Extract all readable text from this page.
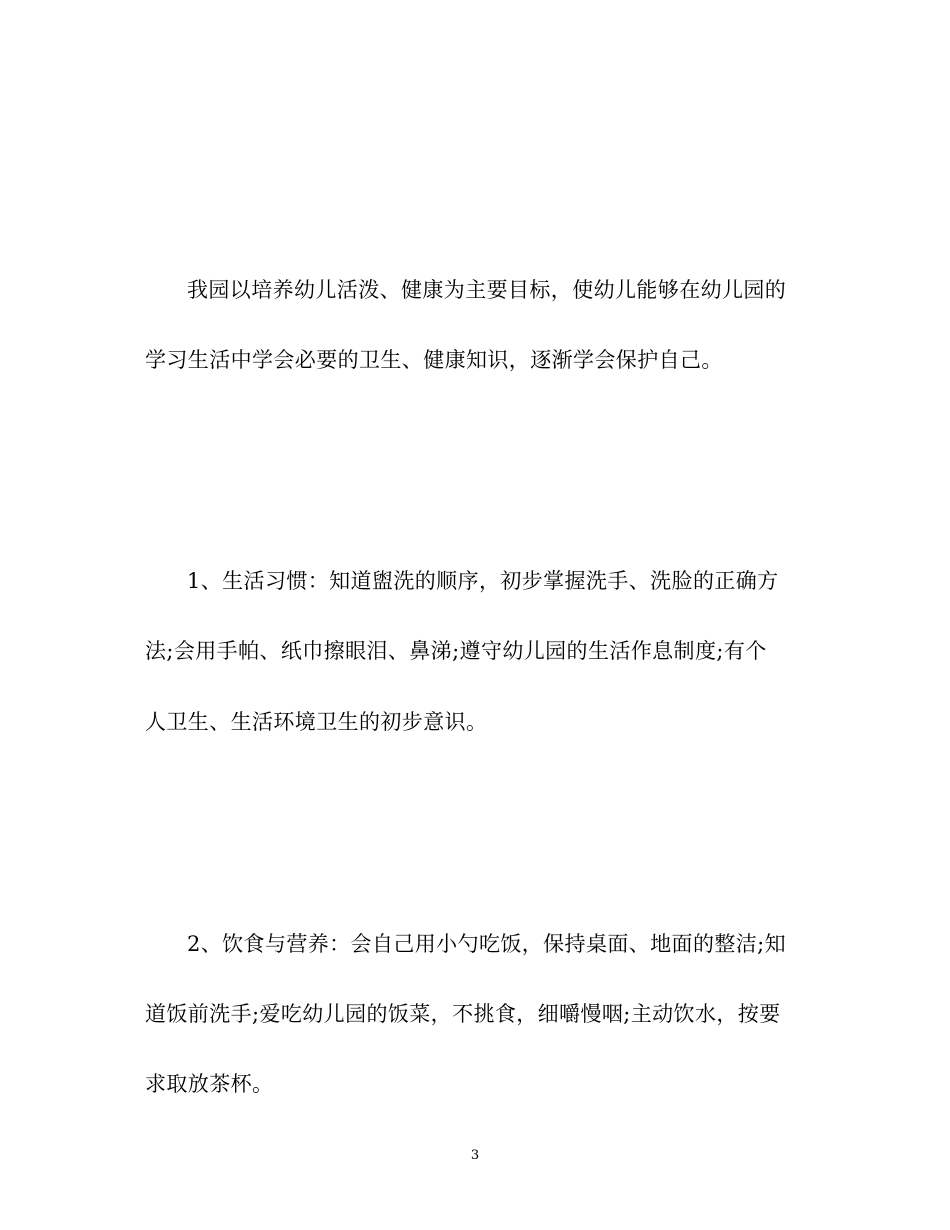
我园以培养幼儿活泼、健康为主要目标，使幼儿能够在幼儿园的
学习生活中学会必要的卫生、健康知识，逐渐学会保护自己。
1、生活习惯：知道盥洗的顺序，初步掌握洗手、洗脸的正确方
法;会用手帕、纸巾擦眼泪、鼻涕;遵守幼儿园的生活作息制度;有个
人卫生、生活环境卫生的初步意识。
2、饮食与营养：会自己用小勺吃饭，保持桌面、地面的整洁;知
道饭前洗手;爱吃幼儿园的饭菜，不挑食，细嚼慢咽;主动饮水，按要
求取放茶杯。
3
